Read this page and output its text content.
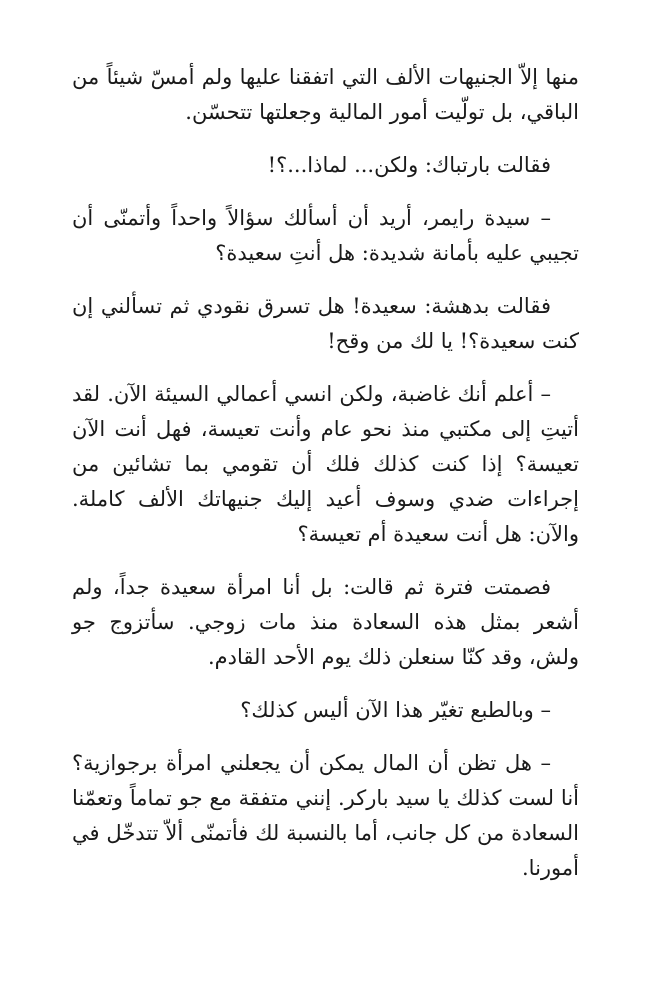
منها إلاّ الجنيهات الألف التي اتفقنا عليها ولم أمسّ شيئاً من الباقي، بل تولّيت أمور المالية وجعلتها تتحسّن.

فقالت بارتباك: ولكن... لماذا...؟!

– سيدة رايمر، أريد أن أسألك سؤالاً واحداً وأتمنّى أن تجيبي عليه بأمانة شديدة: هل أنتِ سعيدة؟

فقالت بدهشة: سعيدة! هل تسرق نقودي ثم تسألني إن كنت سعيدة؟! يا لك من وقح!

– أعلم أنك غاضبة، ولكن انسي أعمالي السيئة الآن. لقد أتيتِ إلى مكتبي منذ نحو عام وأنت تعيسة، فهل أنت الآن تعيسة؟ إذا كنت كذلك فلك أن تقومي بما تشائين من إجراءات ضدي وسوف أعيد إليك جنيهاتك الألف كاملة. والآن: هل أنت سعيدة أم تعيسة؟

فصمتت فترة ثم قالت: بل أنا امرأة سعيدة جداً، ولم أشعر بمثل هذه السعادة منذ مات زوجي. سأتزوج جو ولش، وقد كنّا سنعلن ذلك يوم الأحد القادم.

– وبالطبع تغيّر هذا الآن أليس كذلك؟

– هل تظن أن المال يمكن أن يجعلني امرأة برجوازية؟ أنا لست كذلك يا سيد باركر. إنني متفقة مع جو تماماً وتعمّنا السعادة من كل جانب، أما بالنسبة لك فأتمنّى ألاّ تتدخّل في أمورنا.
